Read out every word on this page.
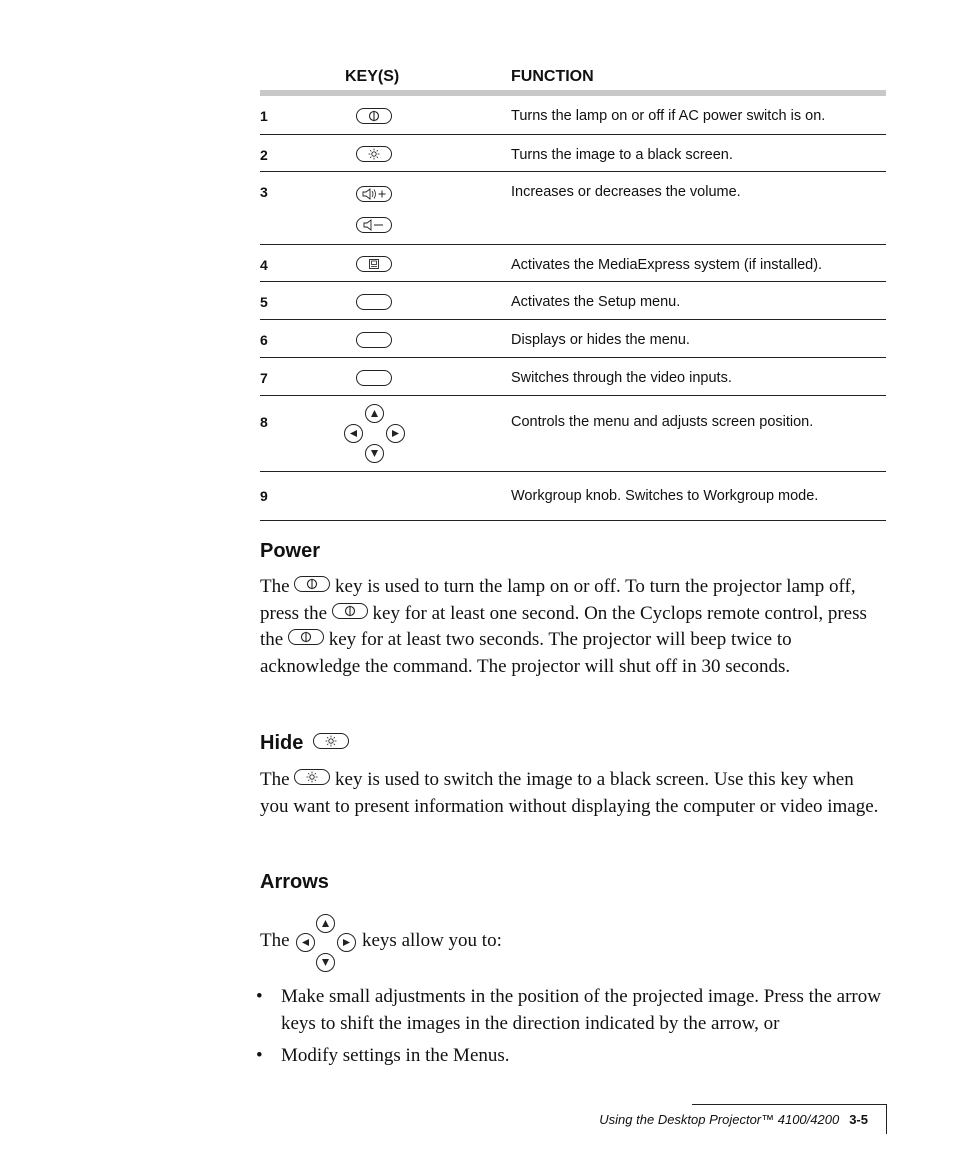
KEY(S)	FUNCTION
1	Turns the lamp on or off if AC power switch is on.
2	Turns the image to a black screen.
3	Increases or decreases the volume.
4	Activates the MediaExpress system (if installed).
5	Activates the Setup menu.
6	Displays or hides the menu.
7	Switches through the video inputs.
8	Controls the menu and adjusts screen position.
9	Workgroup knob. Switches to Workgroup mode.
Power
The key is used to turn the lamp on or off. To turn the projector lamp off, press the key for at least one second. On the Cyclops remote control, press the key for at least two seconds. The projector will beep twice to acknowledge the command. The projector will shut off in 30 seconds.
Hide
The key is used to switch the image to a black screen. Use this key when you want to present information without displaying the computer or video image.
Arrows
The	keys allow you to:
• Make small adjustments in the position of the projected image. Press the arrow keys to shift the images in the direction indicated by the arrow, or
• Modify settings in the Menus.
Using the Desktop Projector™ 4100/4200 3-5
